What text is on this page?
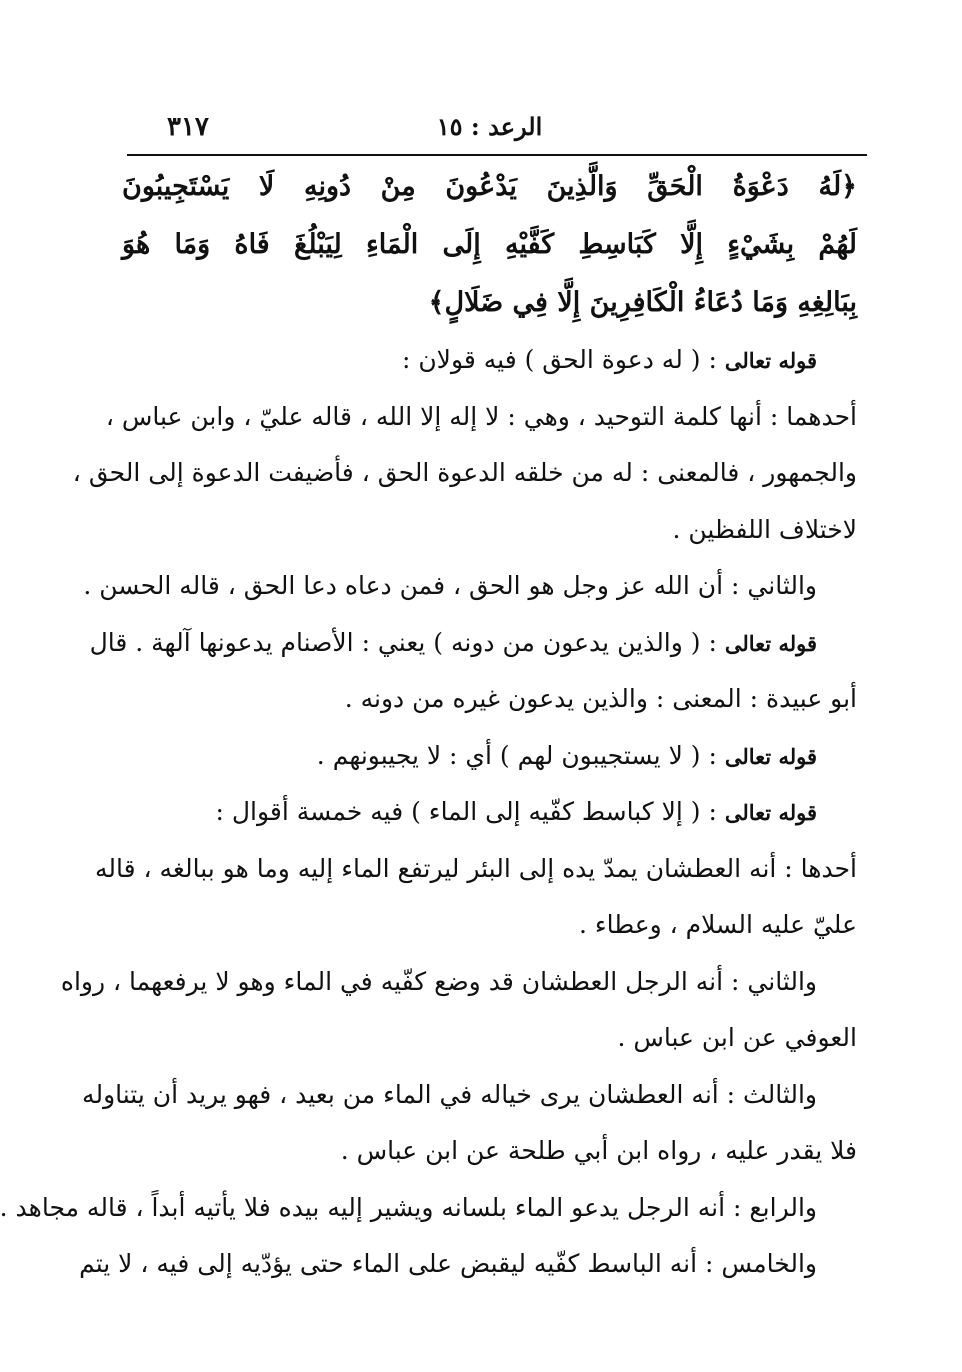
الرعد : ١٥
٣١٧
﴿لَهُ دَعْوَةُ الْحَقِّ وَالَّذِينَ يَدْعُونَ مِنْ دُونِهِ لَا يَسْتَجِيبُونَ
لَهُمْ بِشَيْءٍ إِلَّا كَبَاسِطِ كَفَّيْهِ إِلَى الْمَاءِ لِيَبْلُغَ فَاهُ وَمَا هُوَ
بِبَالِغِهِ وَمَا دُعَاءُ الْكَافِرِينَ إِلَّا فِي ضَلَالٍ﴾
قوله تعالى : ( له دعوة الحق ) فيه قولان :
أحدهما : أنها كلمة التوحيد ، وهي : لا إله إلا الله ، قاله عليّ ، وابن عباس ،
والجمهور ، فالمعنى : له من خلقه الدعوة الحق ، فأضيفت الدعوة إلى الحق ،
لاختلاف اللفظين .
والثاني : أن الله عز وجل هو الحق ، فمن دعاه دعا الحق ، قاله الحسن .
قوله تعالى : ( والذين يدعون من دونه ) يعني : الأصنام يدعونها آلهة . قال
أبو عبيدة : المعنى : والذين يدعون غيره من دونه .
قوله تعالى : ( لا يستجيبون لهم ) أي : لا يجيبونهم .
قوله تعالى : ( إلا كباسط كفّيه إلى الماء ) فيه خمسة أقوال :
أحدها : أنه العطشان يمدّ يده إلى البئر ليرتفع الماء إليه وما هو ببالغه ، قاله
عليّ عليه السلام ، وعطاء .
والثاني : أنه الرجل العطشان قد وضع كفّيه في الماء وهو لا يرفعهما ، رواه
العوفي عن ابن عباس .
والثالث : أنه العطشان يرى خياله في الماء من بعيد ، فهو يريد أن يتناوله
فلا يقدر عليه ، رواه ابن أبي طلحة عن ابن عباس .
والرابع : أنه الرجل يدعو الماء بلسانه ويشير إليه بيده فلا يأتيه أبداً ، قاله مجاهد .
والخامس : أنه الباسط كفّيه ليقبض على الماء حتى يؤدّيه إلى فيه ، لا يتم
